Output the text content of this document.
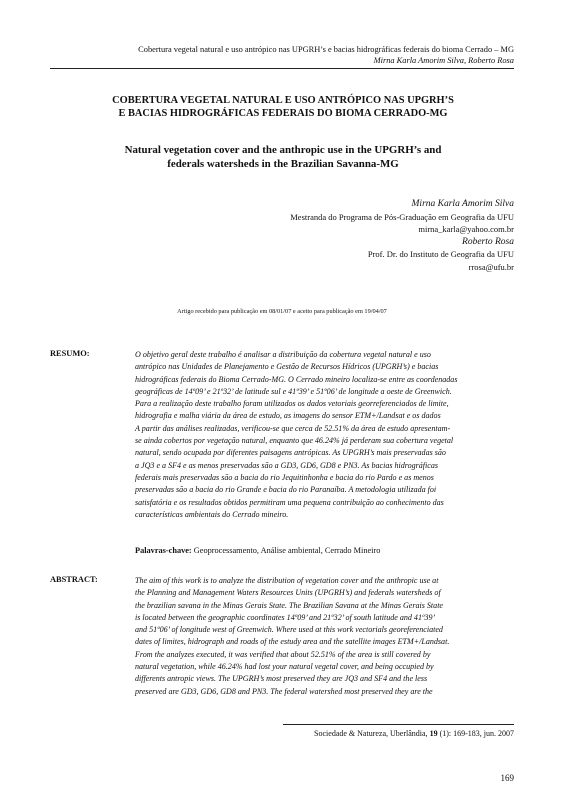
Cobertura vegetal natural e uso antrópico nas UPGRH’s e bacias hidrográficas federais do bioma Cerrado – MG
Mirna Karla Amorim Silva, Roberto Rosa
COBERTURA VEGETAL NATURAL E USO ANTRÓPICO NAS UPGRH’S
E BACIAS HIDROGRÁFICAS FEDERAIS DO BIOMA CERRADO-MG
Natural vegetation cover and the anthropic use in the UPGRH’s and
federals watersheds in the Brazilian Savanna-MG
Mirna Karla Amorim Silva
Mestranda do Programa de Pós-Graduação em Geografia da UFU
mirna_karla@yahoo.com.br
Roberto Rosa
Prof. Dr. do Instituto de Geografia da UFU
rrosa@ufu.br
Artigo recebido para publicação em 08/01/07 e aceito para publicação em 19/04/07
RESUMO:	O objetivo geral deste trabalho é analisar a distribuição da cobertura vegetal natural e uso
antrópico nas Unidades de Planejamento e Gestão de Recursos Hídricos (UPGRH’s) e bacias
hidrográficas federais do Bioma Cerrado-MG. O Cerrado mineiro localiza-se entre as coordenadas
geográficas de 14º09’ e 21º32’ de latitude sul e 41º39’ e 51º06’ de longitude a oeste de Greenwich.
Para a realização deste trabalho foram utilizados os dados vetoriais georreferenciados de limite,
hidrografia e malha viária da área de estudo, as imagens do sensor ETM+/Landsat e os dados
A partir das análises realizadas, verificou-se que cerca de 52.51% da área de estudo apresentam-
se ainda cobertos por vegetação natural, enquanto que 46.24% já perderam sua cobertura vegetal
natural, sendo ocupada por diferentes paisagens antrópicas. As UPGRH’s mais preservadas são
a JQ3 e a SF4 e as menos preservadas são a GD3, GD6, GD8 e PN3. As bacias hidrográficas
federais mais preservadas são a bacia do rio Jequitinhonha e bacia do rio Pardo e as menos
preservadas são a bacia do rio Grande e bacia do rio Paranaíba. A metodologia utilizada foi
satisfatória e os resultados obtidos permitiram uma pequena contribuição ao conhecimento das
características ambientais do Cerrado mineiro.
Palavras-chave: Geoprocessamento, Análise ambiental, Cerrado Mineiro
ABSTRACT:	The aim of this work is to analyze the distribution of vegetation cover and the anthropic use at
the Planning and Management Waters Resources Units (UPGRH’s) and federals watersheds of
the brazilian savana in the Minas Gerais State. The Brazilian Savana at the Minas Gerais State
is located between the geographic coordinates 14º09’ and 21º32’ of south latitude and 41º39’
and 51º06’ of longitude west of Greenwich. Where used at this work vectorials georeferenciated
dates of limites, hidrograph and roads of the estudy area and the satellite images ETM+/Landsat.
From the analyzes executed, it was verified that about 52.51% of the area is still covered by
natural vegetation, while 46.24% had lost your natural vegetal cover, and being occupied by
differents antropic views. The UPGRH’s most preserved they are JQ3 and SF4 and the less
preserved are GD3, GD6, GD8 and PN3. The federal watershed most preserved they are the
Sociedade & Natureza, Uberlândia, 19 (1): 169-183, jun. 2007
169
